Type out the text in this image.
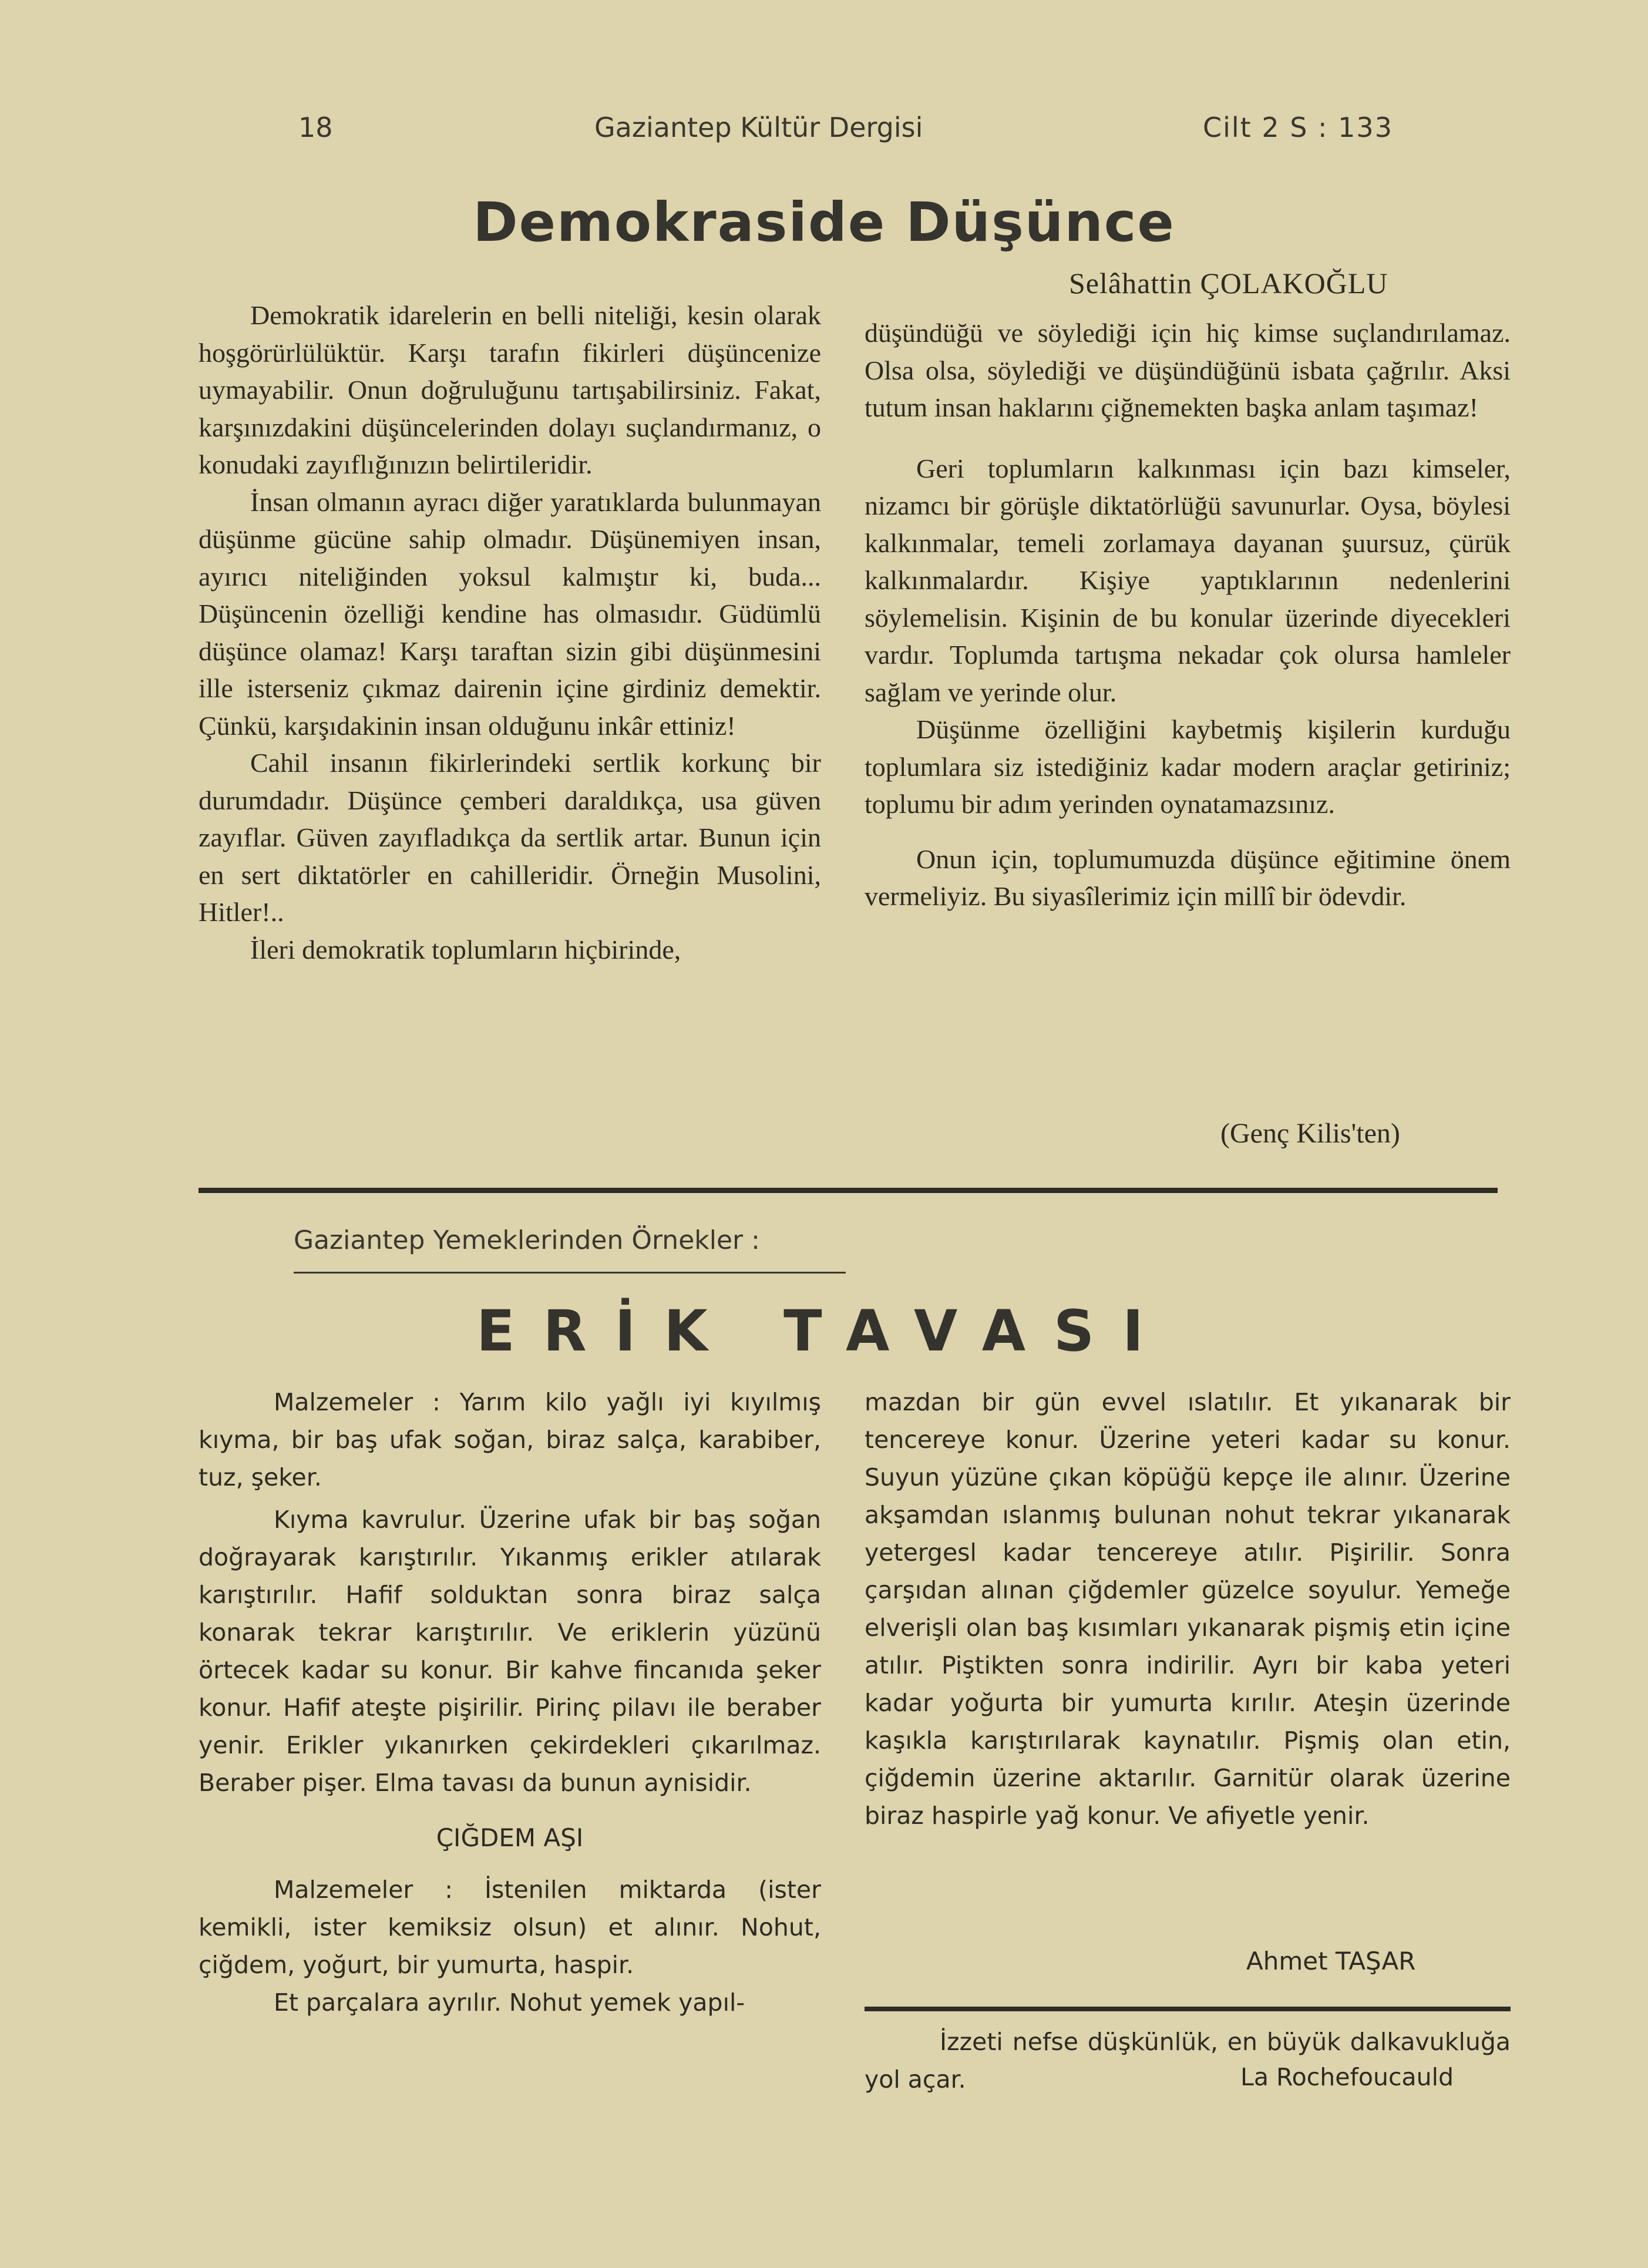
18	Gaziantep Kültür Dergisi	Cilt 2 S : 133
Demokraside Düşünce
Selâhattin ÇOLAKOĞLU

Demokratik idarelerin en belli niteliği, kesin olarak hoşgörürlülüktür. Karşı tarafın fikirleri düşüncenize uymayabilir. Onun doğruluğunu tartışabilirsiniz. Fakat, karşınızdakini düşüncelerinden dolayı suçlandırmanız, o konudaki zayıflığınızın belirtileridir.

İnsan olmanın ayracı diğer yaratıklarda bulunmayan düşünme gücüne sahip olmadır. Düşünemiyen insan, ayırıcı niteliğinden yoksul kalmıştır ki, buda... Düşüncenin özelliği kendine has olmasıdır. Güdümlü düşünce olamaz! Karşı taraftan sizin gibi düşünmesini ille isterseniz çıkmaz dairenin içine girdiniz demektir. Çünkü, karşıdakinin insan olduğunu inkâr ettiniz!

Cahil insanın fikirlerindeki sertlik korkunç bir durumdadır. Düşünce çemberi daraldıkça, usa güven zayıflar. Güven zayıfladıkça da sertlik artar. Bunun için en sert diktatörler en cahilleridir. Örneğin Musolini, Hitler!..

İleri demokratik toplumların hiçbirinde,

düşündüğü ve söylediği için hiç kimse suçlandırılamaz. Olsa olsa, söylediği ve düşündüğünü isbata çağrılır. Aksi tutum insan haklarını çiğnemekten başka anlam taşımaz!

Geri toplumların kalkınması için bazı kimseler, nizamcı bir görüşle diktatörlüğü savunurlar. Oysa, böylesi kalkınmalar, temeli zorlamaya dayanan şuursuz, çürük kalkınmalardır. Kişiye yaptıklarının nedenlerini söylemelisin. Kişinin de bu konular üzerinde diyecekleri vardır. Toplumda tartışma nekadar çok olursa hamleler sağlam ve yerinde olur.

Düşünme özelliğini kaybetmiş kişilerin kurduğu toplumlara siz istediğiniz kadar modern araçlar getiriniz; toplumu bir adım yerinden oynatamazsınız.

Onun için, toplumumuzda düşünce eğitimine önem vermeliyiz. Bu siyasîlerimiz için millî bir ödevdir.

(Genç Kilis'ten)
Gaziantep Yemeklerinden Örnekler :
ERİK TAVASI

Malzemeler : Yarım kilo yağlı iyi kıyılmış kıyma, bir baş ufak soğan, biraz salça, karabiber, tuz, şeker.

Kıyma kavrulur. Üzerine ufak bir baş soğan doğrayarak karıştırılır. Yıkanmış erikler atılarak karıştırılır. Hafif solduktan sonra biraz salça konarak tekrar karıştırılır. Ve eriklerin yüzünü örtecek kadar su konur. Bir kahve fincanıda şeker konur. Hafif ateşte pişirilir. Pirinç pilavı ile beraber yenir. Erikler yıkanırken çekirdekleri çıkarılmaz. Beraber pişer. Elma tavası da bunun aynisidir.

ÇIĞDEM AŞI

Malzemeler : İstenilen miktarda (ister kemikli, ister kemiksiz olsun) et alınır. Nohut, çiğdem, yoğurt, bir yumurta, haspir.

Et parçalara ayrılır. Nohut yemek yapıl-

mazdan bir gün evvel ıslatılır. Et yıkanarak bir tencereye konur. Üzerine yeteri kadar su konur. Suyun yüzüne çıkan köpüğü kepçe ile alınır. Üzerine akşamdan ıslanmış bulunan nohut tekrar yıkanarak yetergesl kadar tencereye atılır. Pişirilir. Sonra çarşıdan alınan çiğdemler güzelce soyulur. Yemeğe elverişli olan baş kısımları yıkanarak pişmiş etin içine atılır. Piştikten sonra indirilir. Ayrı bir kaba yeteri kadar yoğurta bir yumurta kırılır. Ateşin üzerinde kaşıkla karıştırılarak kaynatılır. Pişmiş olan etin, çiğdemin üzerine aktarılır. Garnitür olarak üzerine biraz haspirle yağ konur. Ve afiyetle yenir.

Ahmet TAŞAR

İzzeti nefse düşkünlük, en büyük dalkavukluğa yol açar.	La Rochefoucauld
